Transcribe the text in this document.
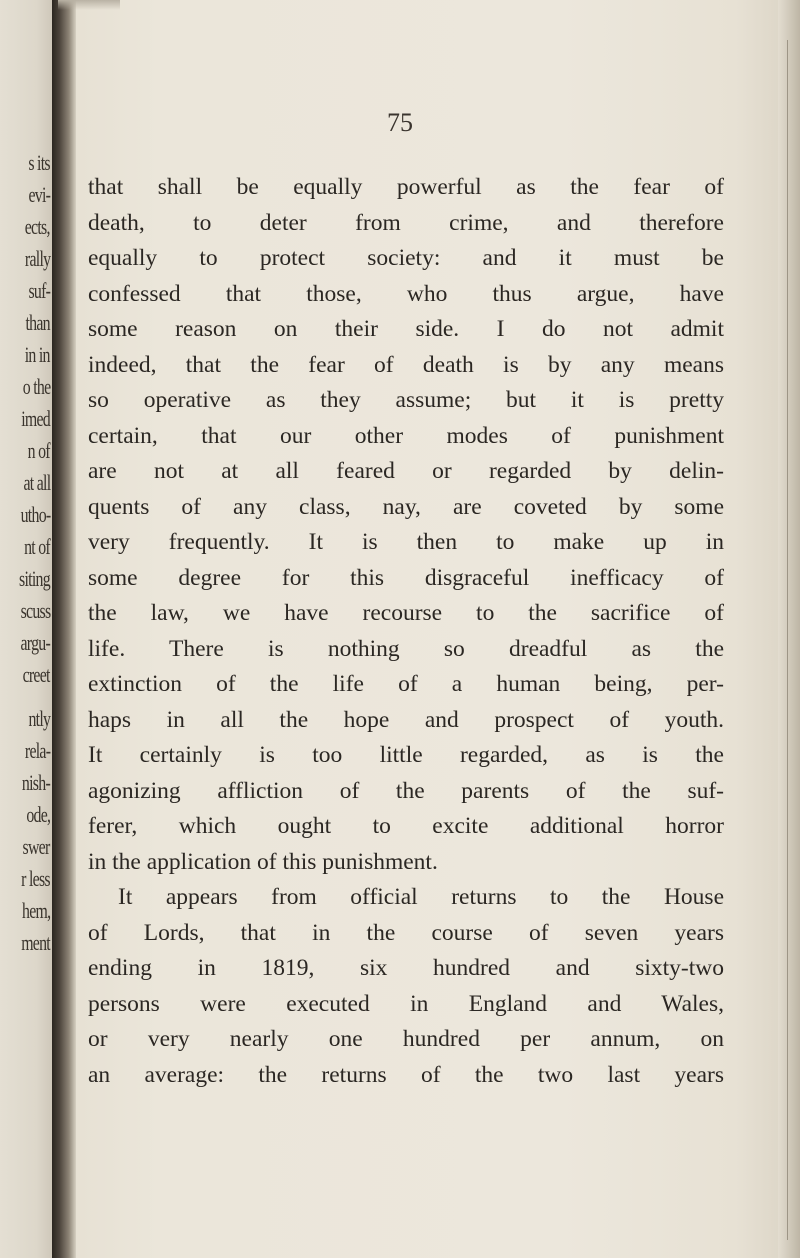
s its
evi-
ects,
rally
suf-
than
in in
o the
imed
n of
at all
utho-
nt of
siting
scuss
argu-
creet
ntly
rela-
nish-
ode,
swer
r less
hem,
ment
75
that shall be equally powerful as the fear of
death, to deter from crime, and therefore
equally to protect society: and it must be
confessed that those, who thus argue, have
some reason on their side. I do not admit
indeed, that the fear of death is by any means
so operative as they assume; but it is pretty
certain, that our other modes of punishment
are not at all feared or regarded by delin-
quents of any class, nay, are coveted by some
very frequently. It is then to make up in
some degree for this disgraceful inefficacy of
the law, we have recourse to the sacrifice of
life. There is nothing so dreadful as the
extinction of the life of a human being, per-
haps in all the hope and prospect of youth.
It certainly is too little regarded, as is the
agonizing affliction of the parents of the suf-
ferer, which ought to excite additional horror
in the application of this punishment.
It appears from official returns to the House
of Lords, that in the course of seven years
ending in 1819, six hundred and sixty-two
persons were executed in England and Wales,
or very nearly one hundred per annum, on
an average: the returns of the two last years
